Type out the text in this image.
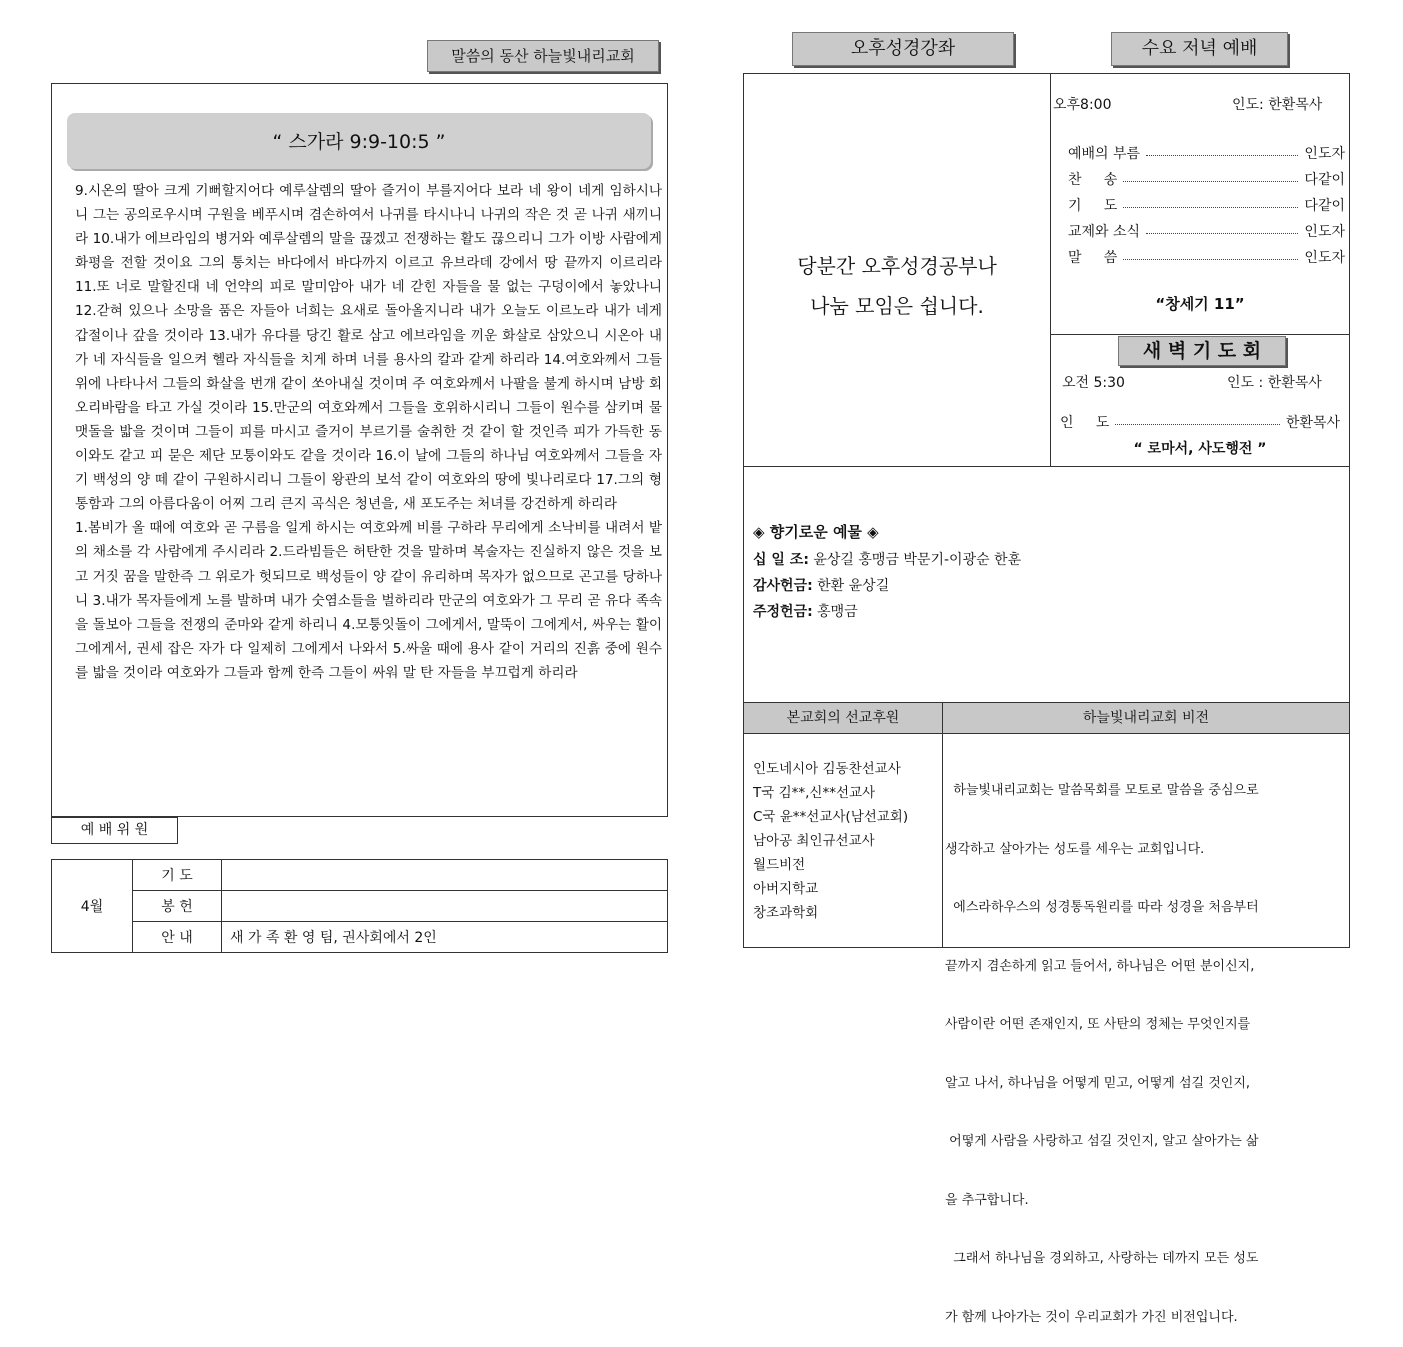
말씀의 동산 하늘빛내리교회
“ 스가라 9:9-10:5 ”

9.시온의 딸아 크게 기뻐할지어다 예루살렘의 딸아 즐거이 부를지어다 보라 네 왕이 네게 임하시나니 그는 공의로우시며 구원을 베푸시며 겸손하여서 나귀를 타시나니 나귀의 작은 것 곧 나귀 새끼니라 10.내가 에브라임의 병거와 예루살렘의 말을 끊겠고 전쟁하는 활도 끊으리니 그가 이방 사람에게 화평을 전할 것이요 그의 통치는 바다에서 바다까지 이르고 유브라데 강에서 땅 끝까지 이르리라 11.또 너로 말할진대 네 언약의 피로 말미암아 내가 네 갇힌 자들을 물 없는 구덩이에서 놓았나니 12.갇혀 있으나 소망을 품은 자들아 너희는 요새로 돌아올지니라 내가 오늘도 이르노라 내가 네게 갑절이나 갚을 것이라 13.내가 유다를 당긴 활로 삼고 에브라임을 끼운 화살로 삼았으니 시온아 내가 네 자식들을 일으켜 헬라 자식들을 치게 하며 너를 용사의 칼과 같게 하리라 14.여호와께서 그들 위에 나타나서 그들의 화살을 번개 같이 쏘아내실 것이며 주 여호와께서 나팔을 불게 하시며 남방 회오리바람을 타고 가실 것이라 15.만군의 여호와께서 그들을 호위하시리니 그들이 원수를 삼키며 물맷돌을 밟을 것이며 그들이 피를 마시고 즐거이 부르기를 술취한 것 같이 할 것인즉 피가 가득한 동이와도 같고 피 묻은 제단 모퉁이와도 같을 것이라 16.이 날에 그들의 하나님 여호와께서 그들을 자기 백성의 양 떼 같이 구원하시리니 그들이 왕관의 보석 같이 여호와의 땅에 빛나리로다 17.그의 형통함과 그의 아름다움이 어찌 그리 큰지 곡식은 청년을, 새 포도주는 처녀를 강건하게 하리라

1.봄비가 올 때에 여호와 곧 구름을 일게 하시는 여호와께 비를 구하라 무리에게 소낙비를 내려서 밭의 채소를 각 사람에게 주시리라 2.드라빔들은 허탄한 것을 말하며 복술자는 진실하지 않은 것을 보고 거짓 꿈을 말한즉 그 위로가 헛되므로 백성들이 양 같이 유리하며 목자가 없으므로 곤고를 당하나니 3.내가 목자들에게 노를 발하며 내가 숫염소들을 벌하리라 만군의 여호와가 그 무리 곧 유다 족속을 돌보아 그들을 전쟁의 준마와 같게 하리니 4.모퉁잇돌이 그에게서, 말뚝이 그에게서, 싸우는 활이 그에게서, 권세 잡은 자가 다 일제히 그에게서 나와서 5.싸울 때에 용사 같이 거리의 진흙 중에 원수를 밟을 것이라 여호와가 그들과 함께 한즉 그들이 싸워 말 탄 자들을 부끄럽게 하리라

예 배 위 원
4월	기 도	
	봉 헌	
	안 내	새 가 족 환 영 팀, 권사회에서 2인
오후성경강좌	수요 저녁 예배
당분간 오후성경공부나
나눔 모임은 쉽니다.
오후8:00	인도: 한환목사
예배의 부름	인도자
찬     송	다같이
기     도	다같이
교제와 소식	인도자
말     씀	인도자
“창세기 11”
새 벽 기 도 회
오전 5:30	인도 : 한환목사
인     도	한환목사
“ 로마서, 사도행전 ”
◈ 향기로운 예물 ◈
십 일 조: 윤상길 홍맹금 박문기-이광순 한훈
감사헌금: 한환 윤상길
주정헌금: 홍맹금
본교회의 선교후원	하늘빛내리교회 비전
인도네시아 김동찬선교사
T국 김**,신**선교사
C국 윤**선교사(남선교회)
남아공 최인규선교사
월드비전
아버지학교
창조과학회

하늘빛내리교회는 말씀목회를 모토로 말씀을 중심으로

생각하고 살아가는 성도를 세우는 교회입니다.

에스라하우스의 성경통독원리를 따라 성경을 처음부터

끝까지 겸손하게 읽고 들어서, 하나님은 어떤 분이신지,

사람이란 어떤 존재인지, 또 사탄의 정체는 무엇인지를

알고 나서, 하나님을 어떻게 믿고, 어떻게 섬길 것인지,

어떻게 사람을 사랑하고 섬길 것인지, 알고 살아가는 삶

을 추구합니다.

그래서 하나님을 경외하고, 사랑하는 데까지 모든 성도

가 함께 나아가는 것이 우리교회가 가진 비전입니다.
